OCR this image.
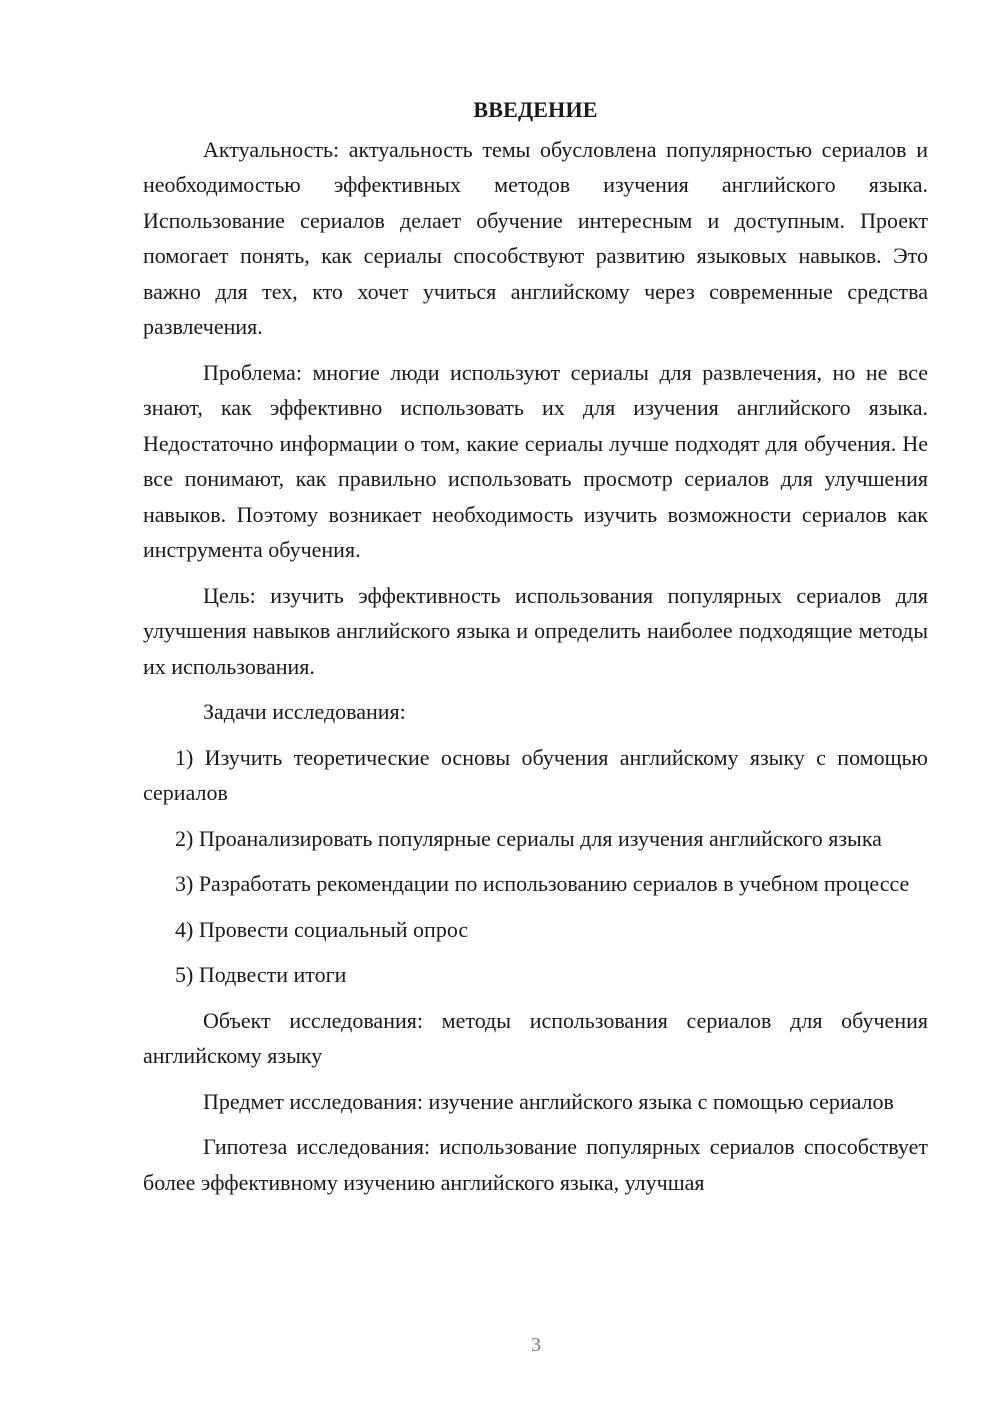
ВВЕДЕНИЕ

Актуальность: актуальность темы обусловлена популярностью сериалов и необходимостью эффективных методов изучения английского языка. Использование сериалов делает обучение интересным и доступным. Проект помогает понять, как сериалы способствуют развитию языковых навыков. Это важно для тех, кто хочет учиться английскому через современные средства развлечения.

Проблема: многие люди используют сериалы для развлечения, но не все знают, как эффективно использовать их для изучения английского языка. Недостаточно информации о том, какие сериалы лучше подходят для обучения. Не все понимают, как правильно использовать просмотр сериалов для улучшения навыков. Поэтому возникает необходимость изучить возможности сериалов как инструмента обучения.

Цель: изучить эффективность использования популярных сериалов для улучшения навыков английского языка и определить наиболее подходящие методы их использования.

Задачи исследования:

1) Изучить теоретические основы обучения английскому языку с помощью сериалов

2) Проанализировать популярные сериалы для изучения английского языка

3) Разработать рекомендации по использованию сериалов в учебном процессе

4) Провести социальный опрос

5) Подвести итоги

Объект исследования: методы использования сериалов для обучения английскому языку

Предмет исследования: изучение английского языка с помощью сериалов

Гипотеза исследования: использование популярных сериалов способствует более эффективному изучению английского языка, улучшая

3
